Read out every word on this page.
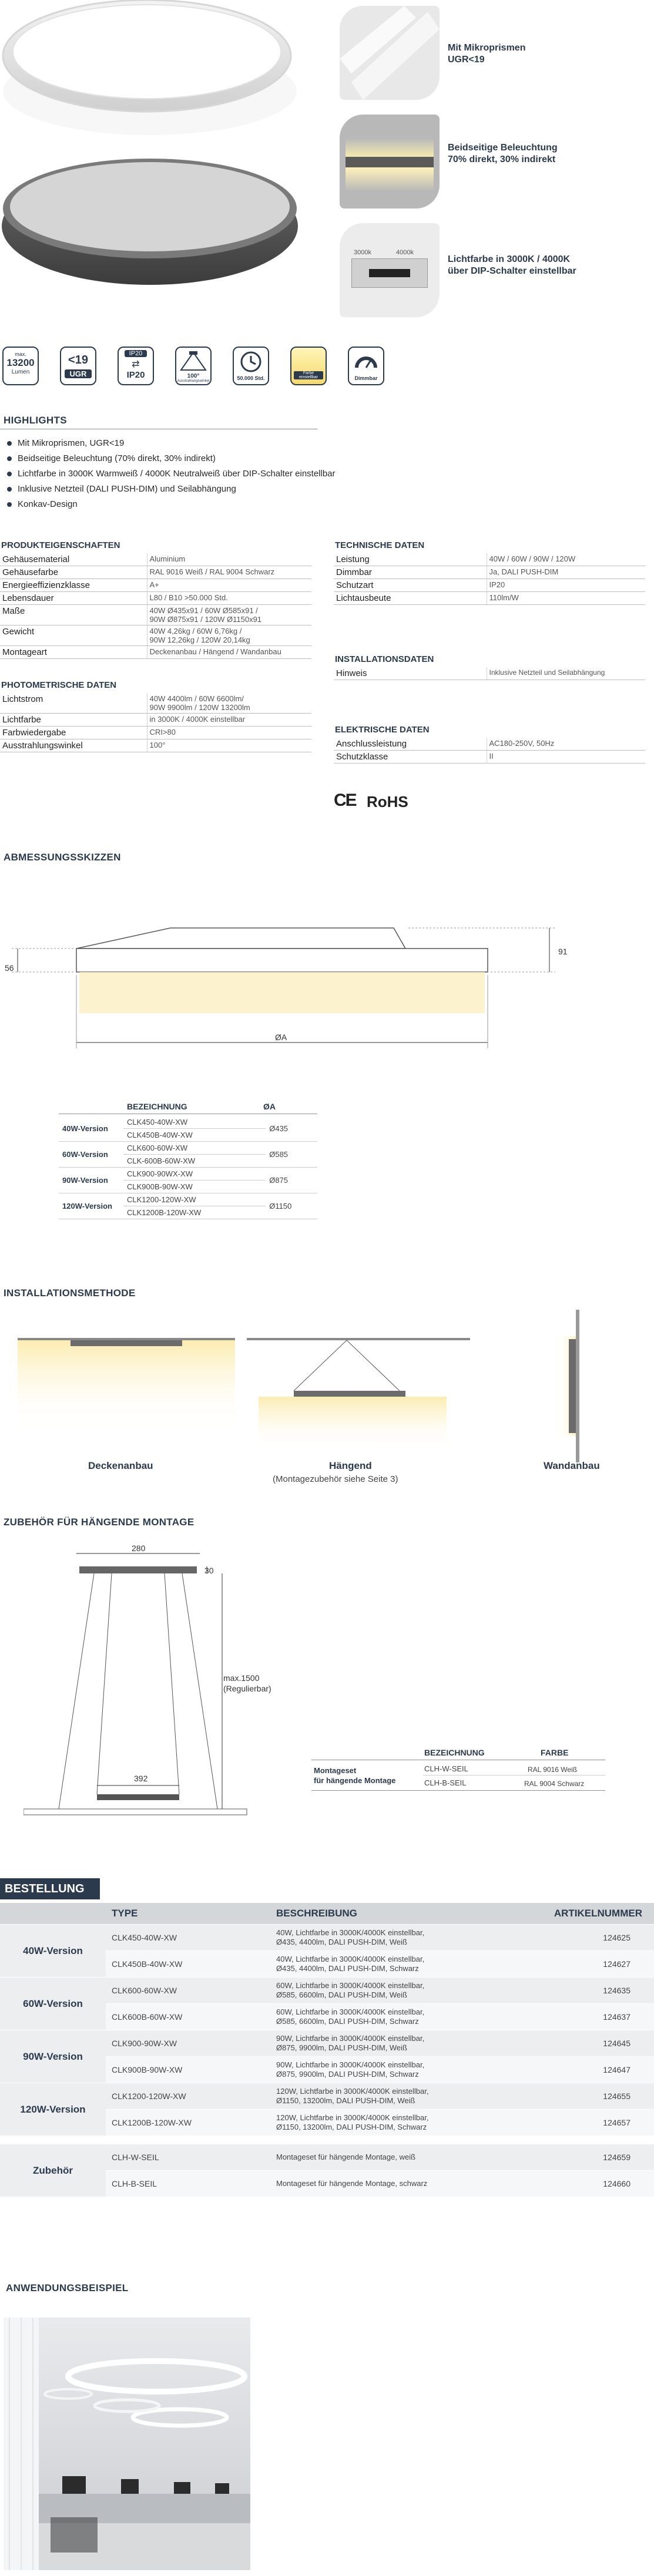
Mit Mikroprismen
UGR<19
Beidseitige Beleuchtung
70% direkt, 30% indirekt
3000k	4000k
Lichtfarbe in 3000K / 4000K
über DIP-Schalter einstellbar
max.
13200
Lumen
<19
UGR
IP20
⇄
IP20	100°
Ausstrahlungswinkel	50.000 Std.
Farbe einstellbar	Dimmbar
HIGHLIGHTS
Mit Mikroprismen, UGR<19
Beidseitige Beleuchtung (70% direkt, 30% indirekt)
Lichtfarbe in 3000K Warmweiß / 4000K Neutralweiß über DIP-Schalter einstellbar
Inklusive Netzteil (DALI PUSH-DIM) und Seilabhängung
Konkav-Design
PRODUKTEIGENSCHAFTEN
Gehäusematerial	Aluminium
Gehäusefarbe	RAL 9016 Weiß / RAL 9004 Schwarz
Energieeffizienzklasse	A+
Lebensdauer	L80 / B10 >50.000 Std.
Maße	40W Ø435x91 / 60W Ø585x91 /
90W Ø875x91 / 120W Ø1150x91
Gewicht	40W 4,26kg / 60W 6,76kg /
90W 12,26kg / 120W 20,14kg
Montageart	Deckenanbau / Hängend / Wandanbau
TECHNISCHE DATEN
Leistung	40W / 60W / 90W / 120W
Dimmbar	Ja, DALI PUSH-DIM
Schutzart	IP20
Lichtausbeute	110lm/W
INSTALLATIONSDATEN
Hinweis	Inklusive Netzteil und Seilabhängung
PHOTOMETRISCHE DATEN
Lichtstrom	40W 4400lm / 60W 6600lm/
90W 9900lm / 120W 13200lm
Lichtfarbe	in 3000K / 4000K einstellbar
Farbwiedergabe	CRI>80
Ausstrahlungswinkel	100°
ELEKTRISCHE DATEN
Anschlussleistung	AC180-250V, 50Hz
Schutzklasse	II
CE RoHS
ABMESSUNGSSKIZZEN
56
91
ØA
BEZEICHNUNG	ØA
40W-Version	CLK450-40W-XW	Ø435
	CLK450B-40W-XW	
60W-Version	CLK600-60W-XW	Ø585
	CLK-600B-60W-XW	
90W-Version	CLK900-90WX-XW	Ø875
	CLK900B-90W-XW	
120W-Version	CLK1200-120W-XW	Ø1150
	CLK1200B-120W-XW	
INSTALLATIONSMETHODE
Deckenanbau	Hängend
(Montagezubehör siehe Seite 3)
Wandanbau
ZUBEHÖR FÜR HÄNGENDE MONTAGE
280
30
max.1500
(Regulierbar)
392
BEZEICHNUNG	FARBE
Montageset
für hängende Montage
CLH-W-SEIL	RAL 9016 Weiß
CLH-B-SEIL	RAL 9004 Schwarz
BESTELLUNG
	TYPE	BESCHREIBUNG	ARTIKELNUMMER
40W-Version	CLK450-40W-XW	40W, Lichtfarbe in 3000K/4000K einstellbar,
Ø435, 4400lm, DALI PUSH-DIM, Weiß	124625
	CLK450B-40W-XW	40W, Lichtfarbe in 3000K/4000K einstellbar,
Ø435, 4400lm, DALI PUSH-DIM, Schwarz	124627
60W-Version	CLK600-60W-XW	60W, Lichtfarbe in 3000K/4000K einstellbar,
Ø585, 6600lm, DALI PUSH-DIM, Weiß	124635
	CLK600B-60W-XW	60W, Lichtfarbe in 3000K/4000K einstellbar,
Ø585, 6600lm, DALI PUSH-DIM, Schwarz	124637
90W-Version	CLK900-90W-XW	90W, Lichtfarbe in 3000K/4000K einstellbar,
Ø875, 9900lm, DALI PUSH-DIM, Weiß	124645
	CLK900B-90W-XW	90W, Lichtfarbe in 3000K/4000K einstellbar,
Ø875, 9900lm, DALI PUSH-DIM, Schwarz	124647
120W-Version	CLK1200-120W-XW	120W, Lichtfarbe in 3000K/4000K einstellbar,
Ø1150, 13200lm, DALI PUSH-DIM, Weiß	124655
	CLK1200B-120W-XW	120W, Lichtfarbe in 3000K/4000K einstellbar,
Ø1150, 13200lm, DALI PUSH-DIM, Schwarz	124657

Zubehör	CLH-W-SEIL	Montageset für hängende Montage, weiß	124659
	CLH-B-SEIL	Montageset für hängende Montage, schwarz	124660
ANWENDUNGSBEISPIEL
